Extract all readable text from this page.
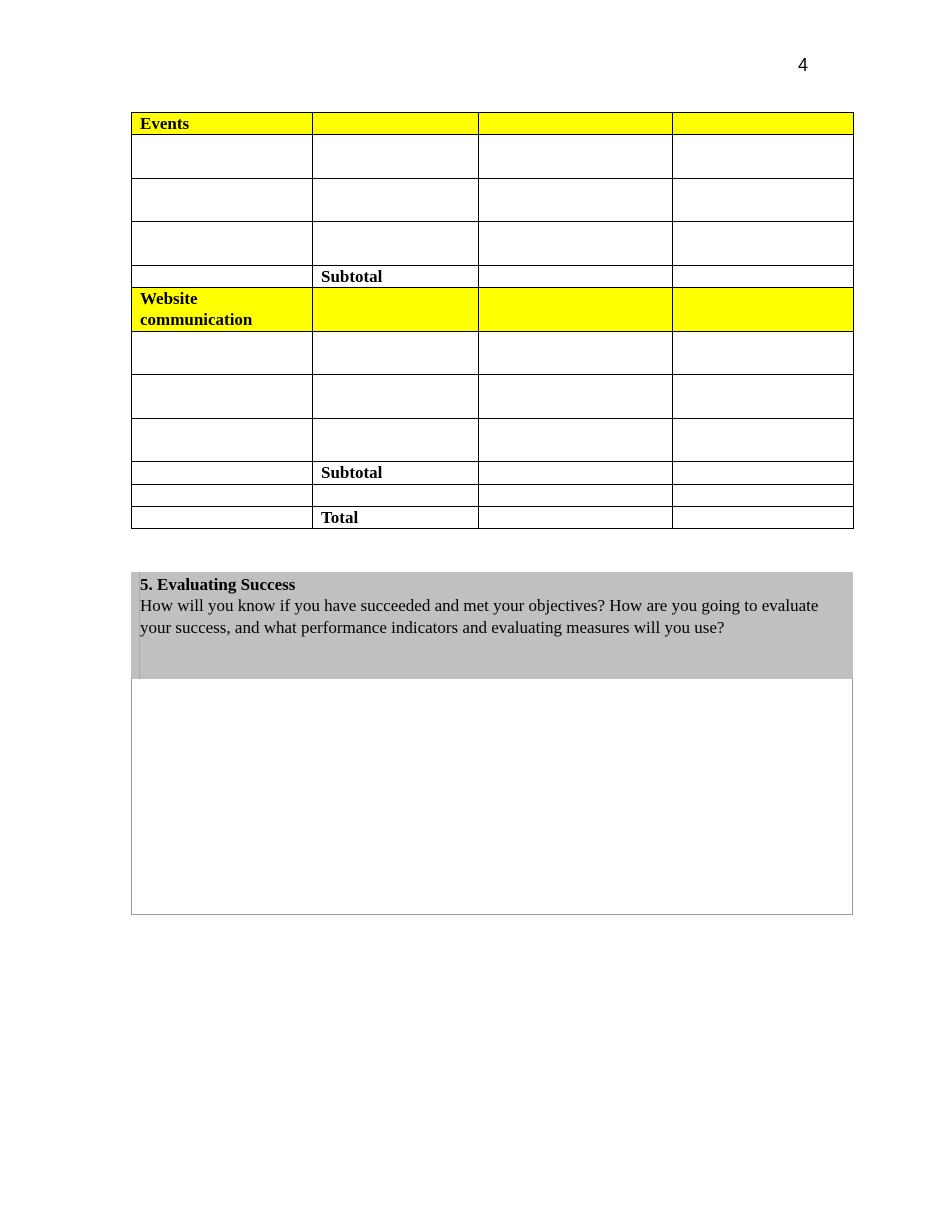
4
Events			

	Subtotal		
Website communication			

	Subtotal		

	Total		
5. Evaluating Success
How will you know if you have succeeded and met your objectives? How are you going to evaluate your success, and what performance indicators and evaluating measures will you use?
